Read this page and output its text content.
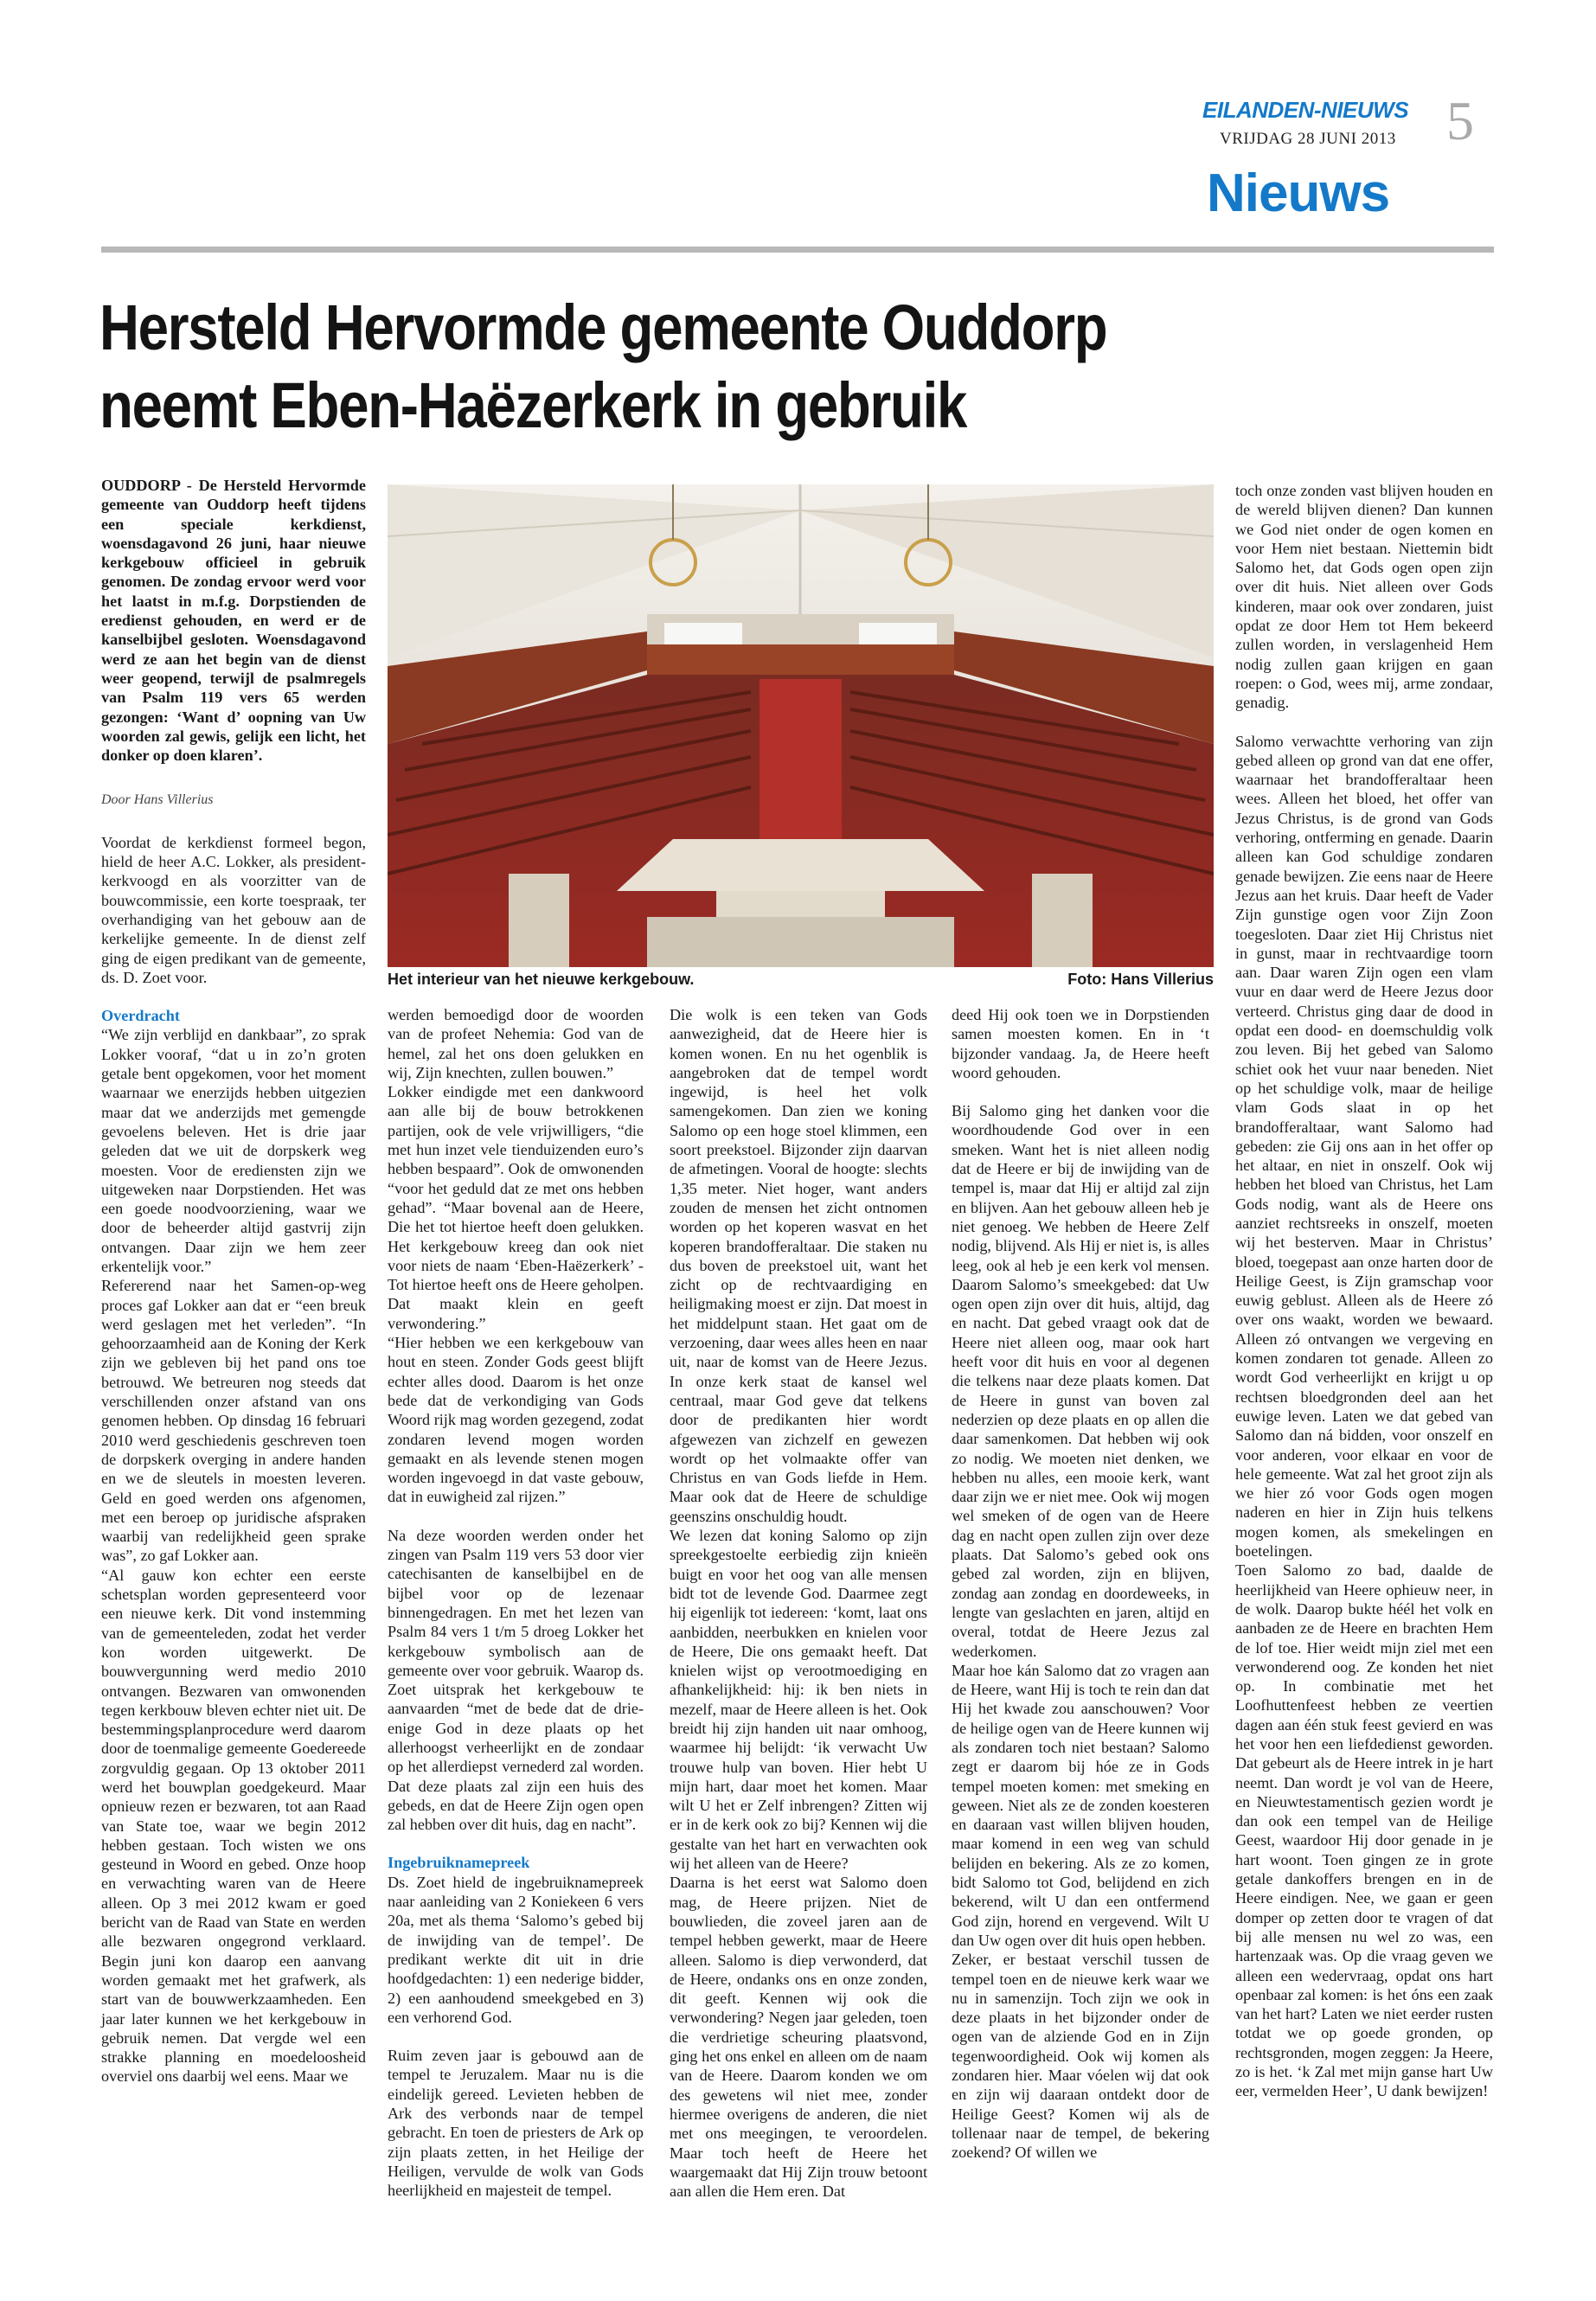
EILANDEN-NIEUWS
VRIJDAG 28 JUNI 2013 5
Nieuws
Hersteld Hervormde gemeente Ouddorp neemt Eben-Haëzerkerk in gebruik

OUDDORP - De Hersteld Hervormde gemeente van Ouddorp heeft tijdens een speciale kerkdienst, woensdagavond 26 juni, haar nieuwe kerkgebouw officieel in gebruik genomen. De zondag ervoor werd voor het laatst in m.f.g. Dorpstienden de eredienst gehouden, en werd er de kanselbijbel gesloten. Woensdagavond werd ze aan het begin van de dienst weer geopend, terwijl de psalmregels van Psalm 119 vers 65 werden gezongen: ‘Want d’ oopning van Uw woorden zal gewis, gelijk een licht, het donker op doen klaren’.

Door Hans Villerius

Voordat de kerkdienst formeel begon, hield de heer A.C. Lokker, als president-kerkvoogd en als voorzitter van de bouwcommissie, een korte toespraak, ter overhandiging van het gebouw aan de kerkelijke gemeente. In de dienst zelf ging de eigen predikant van de gemeente, ds. D. Zoet voor.

Overdracht

“We zijn verblijd en dankbaar”, zo sprak Lokker vooraf, “dat u in zo’n groten getale bent opgekomen, voor het moment waarnaar we enerzijds hebben uitgezien maar dat we anderzijds met gemengde gevoelens beleven. Het is drie jaar geleden dat we uit de dorpskerk weg moesten. Voor de erediensten zijn we uitgeweken naar Dorpstienden. Het was een goede noodvoorziening, waar we door de beheerder altijd gastvrij zijn ontvangen. Daar zijn we hem zeer erkentelijk voor.”

Refererend naar het Samen-op-weg proces gaf Lokker aan dat er “een breuk werd geslagen met het verleden”. “In gehoorzaamheid aan de Koning der Kerk zijn we gebleven bij het pand ons toe betrouwd. We betreuren nog steeds dat verschillenden onzer afstand van ons genomen hebben. Op dinsdag 16 februari 2010 werd geschiedenis geschreven toen de dorpskerk overging in andere handen en we de sleutels in moesten leveren. Geld en goed werden ons afgenomen, met een beroep op juridische afspraken waarbij van redelijkheid geen sprake was”, zo gaf Lokker aan.

“Al gauw kon echter een eerste schetsplan worden gepresenteerd voor een nieuwe kerk. Dit vond instemming van de gemeenteleden, zodat het verder kon worden uitgewerkt. De bouwvergunning werd medio 2010 ontvangen. Bezwaren van omwonenden tegen kerkbouw bleven echter niet uit. De bestemmingsplanprocedure werd daarom door de toenmalige gemeente Goedereede zorgvuldig gegaan. Op 13 oktober 2011 werd het bouwplan goedgekeurd. Maar opnieuw rezen er bezwaren, tot aan Raad van State toe, waar we begin 2012 hebben gestaan. Toch wisten we ons gesteund in Woord en gebed. Onze hoop en verwachting waren van de Heere alleen. Op 3 mei 2012 kwam er goed bericht van de Raad van State en werden alle bezwaren ongegrond verklaard. Begin juni kon daarop een aanvang worden gemaakt met het grafwerk, als start van de bouwwerkzaamheden. Een jaar later kunnen we het kerkgebouw in gebruik nemen. Dat vergde wel een strakke planning en moedeloosheid overviel ons daarbij wel eens. Maar we

Het interieur van het nieuwe kerkgebouw.	Foto: Hans Villerius

werden bemoedigd door de woorden van de profeet Nehemia: God van de hemel, zal het ons doen gelukken en wij, Zijn knechten, zullen bouwen.”

Lokker eindigde met een dankwoord aan alle bij de bouw betrokkenen partijen, ook de vele vrijwilligers, “die met hun inzet vele tienduizenden euro’s hebben bespaard”. Ook de omwonenden “voor het geduld dat ze met ons hebben gehad”. “Maar bovenal aan de Heere, Die het tot hiertoe heeft doen gelukken. Het kerkgebouw kreeg dan ook niet voor niets de naam ‘Eben-Haëzerkerk’ - Tot hiertoe heeft ons de Heere geholpen. Dat maakt klein en geeft verwondering.”

“Hier hebben we een kerkgebouw van hout en steen. Zonder Gods geest blijft echter alles dood. Daarom is het onze bede dat de verkondiging van Gods Woord rijk mag worden gezegend, zodat zondaren levend mogen worden gemaakt en als levende stenen mogen worden ingevoegd in dat vaste gebouw, dat in euwigheid zal rijzen.”

Na deze woorden werden onder het zingen van Psalm 119 vers 53 door vier catechisanten de kanselbijbel en de bijbel voor op de lezenaar binnengedragen. En met het lezen van Psalm 84 vers 1 t/m 5 droeg Lokker het kerkgebouw symbolisch aan de gemeente over voor gebruik. Waarop ds. Zoet uitsprak het kerkgebouw te aanvaarden “met de bede dat de drie-enige God in deze plaats op het allerhoogst verheerlijkt en de zondaar op het allerdiepst vernederd zal worden. Dat deze plaats zal zijn een huis des gebeds, en dat de Heere Zijn ogen open zal hebben over dit huis, dag en nacht”.

Ingebruiknamepreek

Ds. Zoet hield de ingebruiknamepreek naar aanleiding van 2 Koniekeen 6 vers 20a, met als thema ‘Salomo’s gebed bij de inwijding van de tempel’. De predikant werkte dit uit in drie hoofdgedachten: 1) een nederige bidder, 2) een aanhoudend smeekgebed en 3) een verhorend God.

Ruim zeven jaar is gebouwd aan de tempel te Jeruzalem. Maar nu is die eindelijk gereed. Levieten hebben de Ark des verbonds naar de tempel gebracht. En toen de priesters de Ark op zijn plaats zetten, in het Heilige der Heiligen, vervulde de wolk van Gods heerlijkheid en majesteit de tempel.

Die wolk is een teken van Gods aanwezigheid, dat de Heere hier is komen wonen. En nu het ogenblik is aangebroken dat de tempel wordt ingewijd, is heel het volk samengekomen. Dan zien we koning Salomo op een hoge stoel klimmen, een soort preekstoel. Bijzonder zijn daarvan de afmetingen. Vooral de hoogte: slechts 1,35 meter. Niet hoger, want anders zouden de mensen het zicht ontnomen worden op het koperen wasvat en het koperen brandofferaltaar. Die staken nu dus boven de preekstoel uit, want het zicht op de rechtvaardiging en heiligmaking moest er zijn. Dat moest in het middelpunt staan. Het gaat om de verzoening, daar wees alles heen en naar uit, naar de komst van de Heere Jezus. In onze kerk staat de kansel wel centraal, maar God geve dat telkens door de predikanten hier wordt afgewezen van zichzelf en gewezen wordt op het volmaakte offer van Christus en van Gods liefde in Hem. Maar ook dat de Heere de schuldige geenszins onschuldig houdt.

We lezen dat koning Salomo op zijn spreekgestoelte eerbiedig zijn knieën buigt en voor het oog van alle mensen bidt tot de levende God. Daarmee zegt hij eigenlijk tot iedereen: ‘komt, laat ons aanbidden, neerbukken en knielen voor de Heere, Die ons gemaakt heeft. Dat knielen wijst op verootmoediging en afhankelijkheid: hij: ik ben niets in mezelf, maar de Heere alleen is het. Ook breidt hij zijn handen uit naar omhoog, waarmee hij belijdt: ‘ik verwacht Uw trouwe hulp van boven. Hier hebt U mijn hart, daar moet het komen. Maar wilt U het er Zelf inbrengen? Zitten wij er in de kerk ook zo bij? Kennen wij die gestalte van het hart en verwachten ook wij het alleen van de Heere?

Daarna is het eerst wat Salomo doen mag, de Heere prijzen. Niet de bouwlieden, die zoveel jaren aan de tempel hebben gewerkt, maar de Heere alleen. Salomo is diep verwonderd, dat de Heere, ondanks ons en onze zonden, dit geeft. Kennen wij ook die verwondering? Negen jaar geleden, toen die verdrietige scheuring plaatsvond, ging het ons enkel en alleen om de naam van de Heere. Daarom konden we om des gewetens wil niet mee, zonder hiermee overigens de anderen, die niet met ons meegingen, te veroordelen. Maar toch heeft de Heere het waargemaakt dat Hij Zijn trouw betoont aan allen die Hem eren. Dat

deed Hij ook toen we in Dorpstienden samen moesten komen. En in ‘t bijzonder vandaag. Ja, de Heere heeft woord gehouden.

Bij Salomo ging het danken voor die woordhoudende God over in een smeken. Want het is niet alleen nodig dat de Heere er bij de inwijding van de tempel is, maar dat Hij er altijd zal zijn en blijven. Aan het gebouw alleen heb je niet genoeg. We hebben de Heere Zelf nodig, blijvend. Als Hij er niet is, is alles leeg, ook al heb je een kerk vol mensen. Daarom Salomo’s smeekgebed: dat Uw ogen open zijn over dit huis, altijd, dag en nacht. Dat gebed vraagt ook dat de Heere niet alleen oog, maar ook hart heeft voor dit huis en voor al degenen die telkens naar deze plaats komen. Dat de Heere in gunst van boven zal nederzien op deze plaats en op allen die daar samenkomen. Dat hebben wij ook zo nodig. We moeten niet denken, we hebben nu alles, een mooie kerk, want daar zijn we er niet mee. Ook wij mogen wel smeken of de ogen van de Heere dag en nacht open zullen zijn over deze plaats. Dat Salomo’s gebed ook ons gebed zal worden, zijn en blijven, zondag aan zondag en doordeweeks, in lengte van geslachten en jaren, altijd en overal, totdat de Heere Jezus zal wederkomen.

Maar hoe kán Salomo dat zo vragen aan de Heere, want Hij is toch te rein dan dat Hij het kwade zou aanschouwen? Voor de heilige ogen van de Heere kunnen wij als zondaren toch niet bestaan? Salomo zegt er daarom bij hóe ze in Gods tempel moeten komen: met smeking en geween. Niet als ze de zonden koesteren en daaraan vast willen blijven houden, maar komend in een weg van schuld belijden en bekering. Als ze zo komen, bidt Salomo tot God, belijdend en zich bekerend, wilt U dan een ontfermend God zijn, horend en vergevend. Wilt U dan Uw ogen over dit huis open hebben.

Zeker, er bestaat verschil tussen de tempel toen en de nieuwe kerk waar we nu in samenzijn. Toch zijn we ook in deze plaats in het bijzonder onder de ogen van de alziende God en in Zijn tegenwoordigheid. Ook wij komen als zondaren hier. Maar vóelen wij dat ook en zijn wij daaraan ontdekt door de Heilige Geest? Komen wij als de tollenaar naar de tempel, de bekering zoekend? Of willen we

toch onze zonden vast blijven houden en de wereld blijven dienen? Dan kunnen we God niet onder de ogen komen en voor Hem niet bestaan. Niettemin bidt Salomo het, dat Gods ogen open zijn over dit huis. Niet alleen over Gods kinderen, maar ook over zondaren, juist opdat ze door Hem tot Hem bekeerd zullen worden, in verslagenheid Hem nodig zullen gaan krijgen en gaan roepen: o God, wees mij, arme zondaar, genadig.

Salomo verwachtte verhoring van zijn gebed alleen op grond van dat ene offer, waarnaar het brandofferaltaar heen wees. Alleen het bloed, het offer van Jezus Christus, is de grond van Gods verhoring, ontferming en genade. Daarin alleen kan God schuldige zondaren genade bewijzen. Zie eens naar de Heere Jezus aan het kruis. Daar heeft de Vader Zijn gunstige ogen voor Zijn Zoon toegesloten. Daar ziet Hij Christus niet in gunst, maar in rechtvaardige toorn aan. Daar waren Zijn ogen een vlam vuur en daar werd de Heere Jezus door verteerd. Christus ging daar de dood in opdat een dood- en doemschuldig volk zou leven. Bij het gebed van Salomo schiet ook het vuur naar beneden. Niet op het schuldige volk, maar de heilige vlam Gods slaat in op het brandofferaltaar, want Salomo had gebeden: zie Gij ons aan in het offer op het altaar, en niet in onszelf. Ook wij hebben het bloed van Christus, het Lam Gods nodig, want als de Heere ons aanziet rechtsreeks in onszelf, moeten wij het besterven. Maar in Christus’ bloed, toegepast aan onze harten door de Heilige Geest, is Zijn gramschap voor euwig geblust. Alleen als de Heere zó over ons waakt, worden we bewaard. Alleen zó ontvangen we vergeving en komen zondaren tot genade. Alleen zo wordt God verheerlijkt en krijgt u op rechtsen bloedgronden deel aan het euwige leven. Laten we dat gebed van Salomo dan ná bidden, voor onszelf en voor anderen, voor elkaar en voor de hele gemeente. Wat zal het groot zijn als we hier zó voor Gods ogen mogen naderen en hier in Zijn huis telkens mogen komen, als smekelingen en boetelingen.

Toen Salomo zo bad, daalde de heerlijkheid van Heere ophieuw neer, in de wolk. Daarop bukte héél het volk en aanbaden ze de Heere en brachten Hem de lof toe. Hier weidt mijn ziel met een verwonderend oog. Ze konden het niet op. In combinatie met het Loofhuttenfeest hebben ze veertien dagen aan één stuk feest gevierd en was het voor hen een liefdedienst geworden. Dat gebeurt als de Heere intrek in je hart neemt. Dan wordt je vol van de Heere, en Nieuwtestamentisch gezien wordt je dan ook een tempel van de Heilige Geest, waardoor Hij door genade in je hart woont. Toen gingen ze in grote getale dankoffers brengen en in de Heere eindigen. Nee, we gaan er geen domper op zetten door te vragen of dat bij alle mensen nu wel zo was, een hartenzaak was. Op die vraag geven we alleen een wedervraag, opdat ons hart openbaar zal komen: is het óns een zaak van het hart? Laten we niet eerder rusten totdat we op goede gronden, op rechtsgronden, mogen zeggen: Ja Heere, zo is het. ‘k Zal met mijn ganse hart Uw eer, vermelden Heer’, U dank bewijzen!
